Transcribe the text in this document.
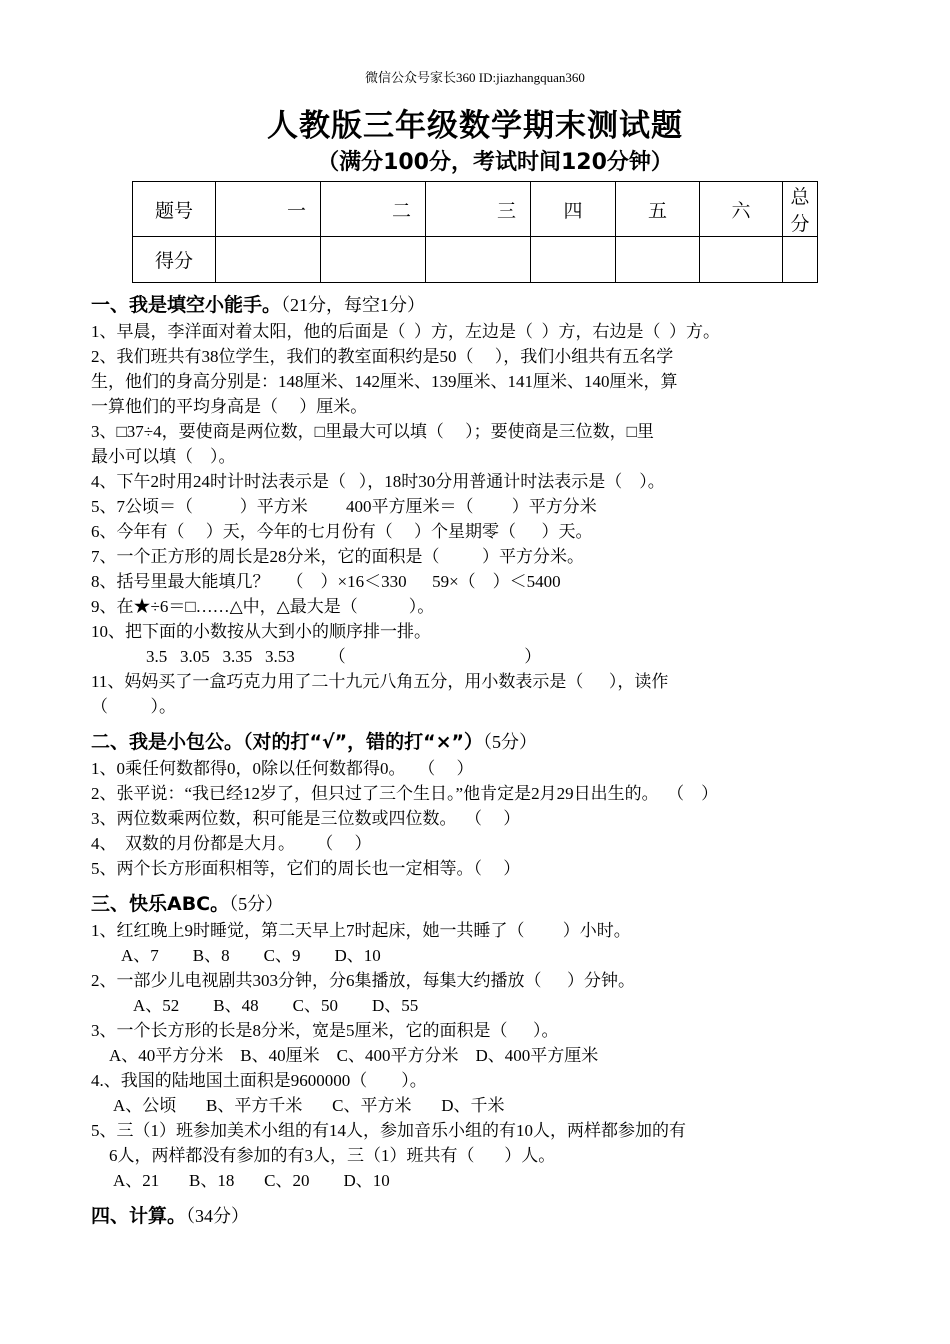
微信公众号家长360 ID:jiazhangquan360
人教版三年级数学期末测试题
（满分100分，考试时间120分钟）
题号	一	二	三	四	五	六	总分
得分							
一、我是填空小能手。（21分，每空1分）
1、早晨，李洋面对着太阳，他的后面是（  ）方，左边是（  ）方，右边是（  ）方。
2、我们班共有38位学生，我们的教室面积约是50（     ），我们小组共有五名学
生，他们的身高分别是：148厘米、142厘米、139厘米、141厘米、140厘米，算
一算他们的平均身高是（     ）厘米。
3、□37÷4，要使商是两位数，□里最大可以填（     ）；要使商是三位数，□里
最小可以填（    ）。
4、下午2时用24时计时法表示是（   ），18时30分用普通计时法表示是（    ）。
5、7公顷＝（           ）平方米         400平方厘米＝（         ）平方分米
6、今年有（     ）天，今年的七月份有（     ）个星期零（      ）天。
7、一个正方形的周长是28分米，它的面积是（          ）平方分米。
8、括号里最大能填几？    （    ）×16＜330      59×（    ）＜5400
9、在★÷6＝□……△中，△最大是（            ）。
10、把下面的小数按从大到小的顺序排一排。
3.5   3.05   3.35   3.53        （                                          ）
11、妈妈买了一盒巧克力用了二十九元八角五分，用小数表示是（      ），读作
（          ）。
二、我是小包公。（对的打“√”，错的打“×”）（5分）
1、0乘任何数都得0，0除以任何数都得0。   （     ）
2、张平说：“我已经12岁了，但只过了三个生日。”他肯定是2月29日出生的。  （    ）
3、两位数乘两位数，积可能是三位数或四位数。  （     ）
4、  双数的月份都是大月。     （     ）
5、两个长方形面积相等，它们的周长也一定相等。（     ）
三、快乐ABC。（5分）
1、红红晚上9时睡觉，第二天早上7时起床，她一共睡了（         ）小时。
A、7        B、8        C、9        D、10
2、一部少儿电视剧共303分钟，分6集播放，每集大约播放（      ）分钟。
A、52        B、48        C、50        D、55
3、一个长方形的长是8分米，宽是5厘米，它的面积是（      ）。
A、40平方分米    B、40厘米    C、400平方分米    D、400平方厘米
4.、我国的陆地国土面积是9600000（        ）。
A、公顷       B、平方千米       C、平方米       D、千米
5、三（1）班参加美术小组的有14人，参加音乐小组的有10人，两样都参加的有
6人，两样都没有参加的有3人，三（1）班共有（       ）人。
A、21       B、18       C、20        D、10
四、计算。（34分）
